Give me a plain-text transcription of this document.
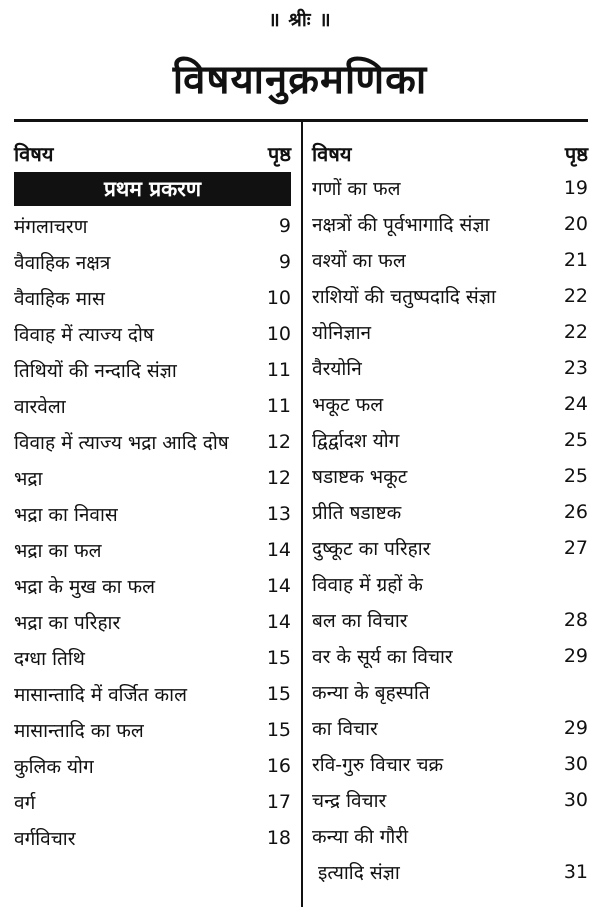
॥ श्रीः ॥
विषयानुक्रमणिका
विषय	पृष्ठ
प्रथम प्रकरण
मंगलाचरण	9
वैवाहिक नक्षत्र	9
वैवाहिक मास	10
विवाह में त्याज्य दोष	10
तिथियों की नन्दादि संज्ञा	11
वारवेला	11
विवाह में त्याज्य भद्रा आदि दोष 12
भद्रा	12
भद्रा का निवास	13
भद्रा का फल	14
भद्रा के मुख का फल	14
भद्रा का परिहार	14
दग्धा तिथि	15
मासान्तादि में वर्जित काल	15
मासान्तादि का फल	15
कुलिक योग	16
वर्ग	17
वर्गविचार	18
विषय	पृष्ठ
गणों का फल	19
नक्षत्रों की पूर्वभागादि संज्ञा	20
वश्यों का फल	21
राशियों की चतुष्पदादि संज्ञा	22
योनिज्ञान	22
वैरयोनि	23
भकूट फल	24
द्विर्द्वादश योग	25
षडाष्टक भकूट	25
प्रीति षडाष्टक	26
दुष्कूट का परिहार	27
विवाह में ग्रहों के
बल का विचार	28
वर के सूर्य का विचार	29
कन्या के बृहस्पति
का विचार	29
रवि-गुरु विचार चक्र	30
चन्द्र विचार	30
कन्या की गौरी
इत्यादि संज्ञा	31
